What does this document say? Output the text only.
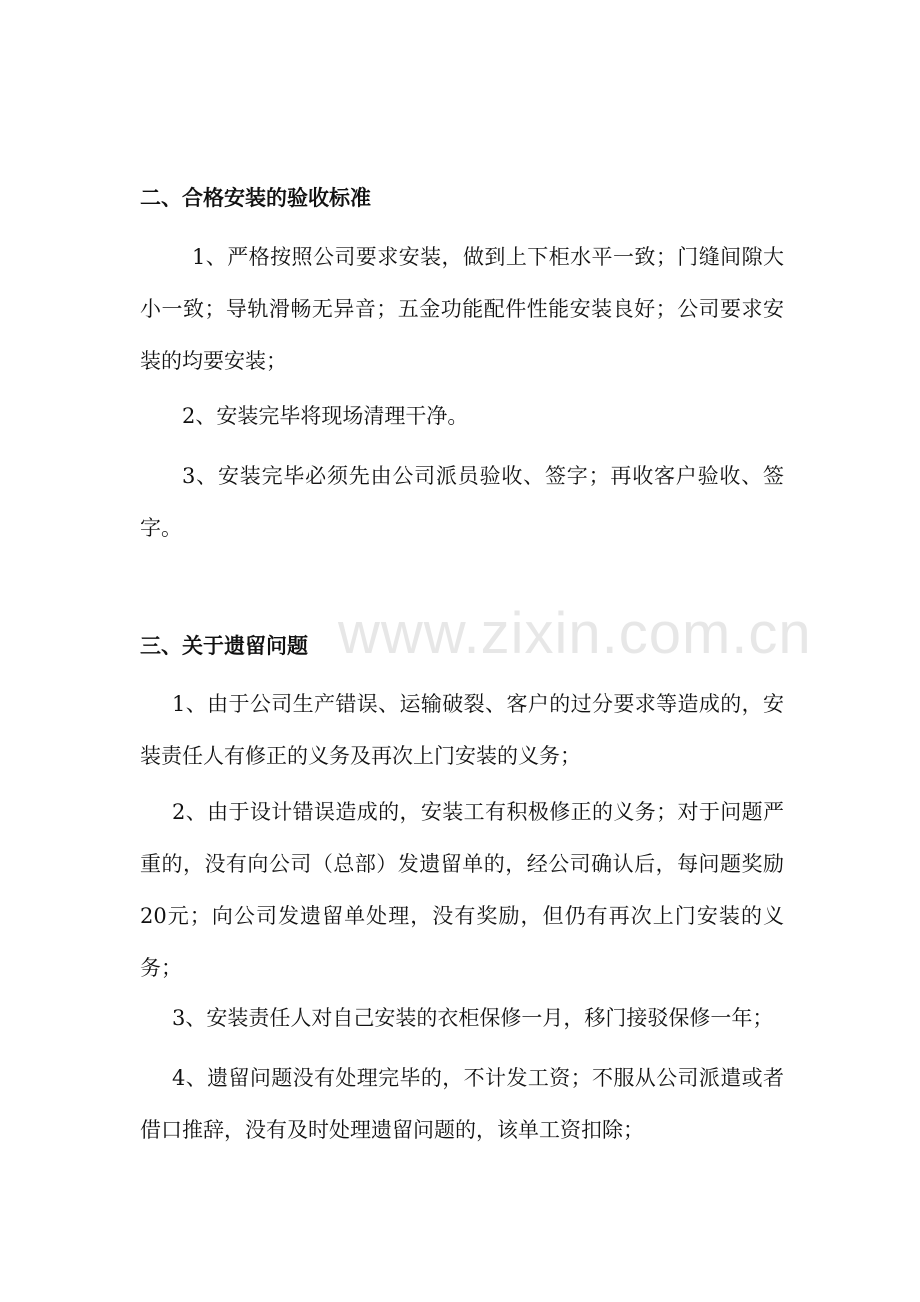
www.zixin.com.cn
二、合格安装的验收标准

1、严格按照公司要求安装，做到上下柜水平一致；门缝间隙大小一致；导轨滑畅无异音；五金功能配件性能安装良好；公司要求安装的均要安装；

2、安装完毕将现场清理干净。

3、安装完毕必须先由公司派员验收、签字；再收客户验收、签字。

三、关于遗留问题

1、由于公司生产错误、运输破裂、客户的过分要求等造成的，安装责任人有修正的义务及再次上门安装的义务；

2、由于设计错误造成的，安装工有积极修正的义务；对于问题严重的，没有向公司（总部）发遗留单的，经公司确认后，每问题奖励20元；向公司发遗留单处理，没有奖励，但仍有再次上门安装的义务；

3、安装责任人对自己安装的衣柜保修一月，移门接驳保修一年；

4、遗留问题没有处理完毕的，不计发工资；不服从公司派遣或者借口推辞，没有及时处理遗留问题的，该单工资扣除；
